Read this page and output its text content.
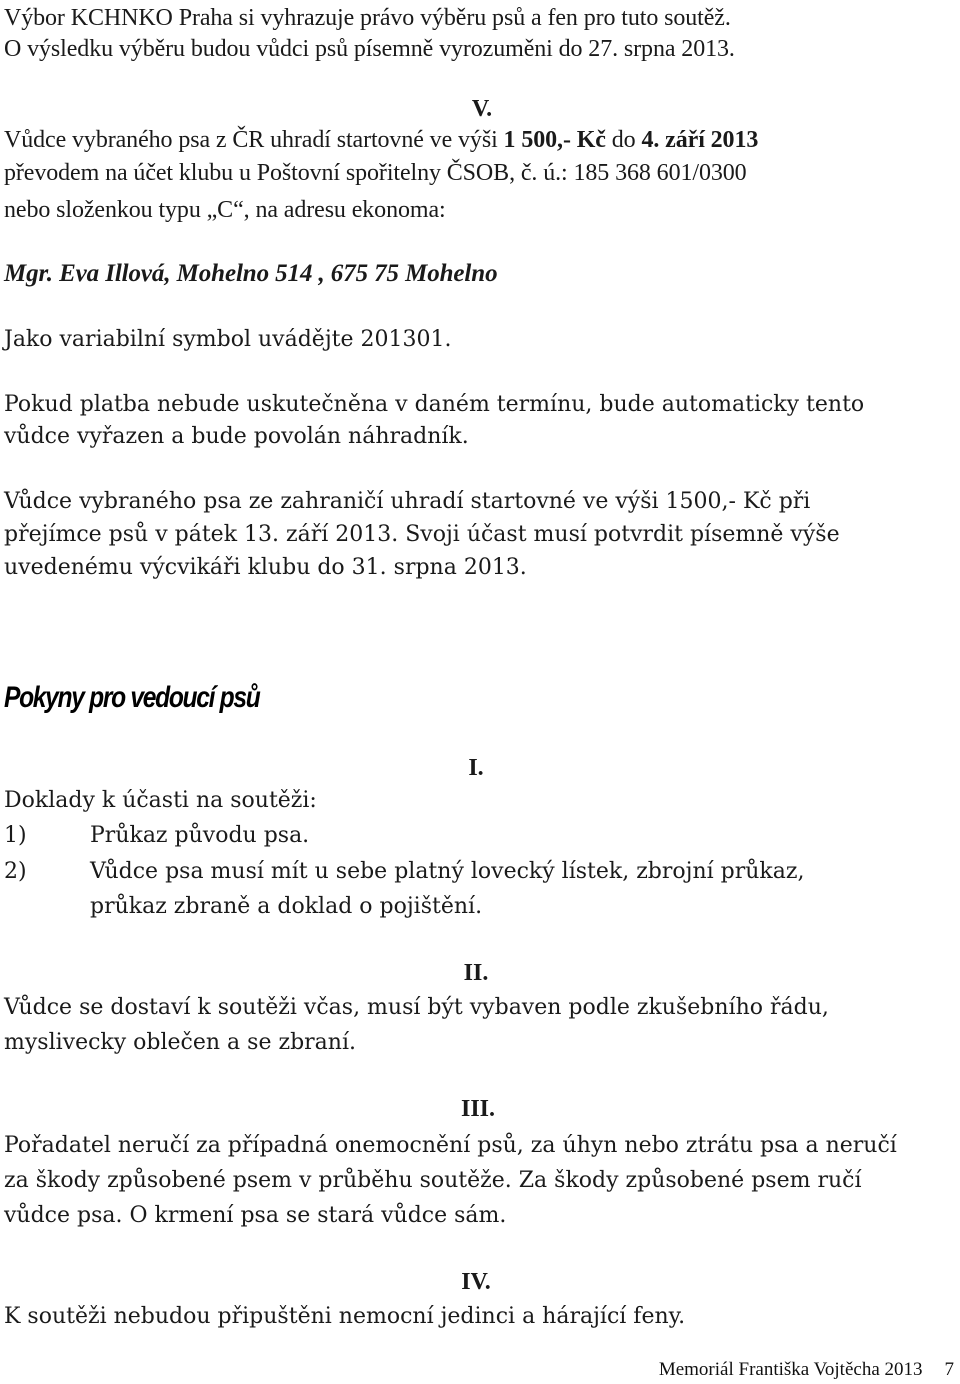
Výbor KCHNKO Praha si vyhrazuje právo výběru psů a fen pro tuto soutěž.

O výsledku výběru budou vůdci psů písemně vyrozuměni do 27. srpna 2013.

V.

Vůdce vybraného psa z ČR uhradí startovné ve výši 1 500,- Kč do 4. září 2013

převodem na účet klubu u Poštovní spořitelny ČSOB, č. ú.: 185 368 601/0300

nebo složenkou typu „C“, na adresu ekonoma:

Mgr. Eva Illová, Mohelno 514 , 675 75 Mohelno

Jako variabilní symbol uvádějte 201301.

Pokud platba nebude uskutečněna v daném termínu, bude automaticky tento

vůdce vyřazen a bude povolán náhradník.

Vůdce vybraného psa ze zahraničí uhradí startovné ve výši 1500,- Kč při

přejímce psů v pátek 13. září 2013. Svoji účast musí potvrdit písemně výše

uvedenému výcvikáři klubu do 31. srpna 2013.

Pokyny pro vedoucí psů

I.

Doklady k účasti na soutěži:

1)	Průkaz původu psa.

2)	Vůdce psa musí mít u sebe platný lovecký lístek, zbrojní průkaz,

průkaz zbraně a doklad o pojištění.

II.

Vůdce se dostaví k soutěži včas, musí být vybaven podle zkušebního řádu,

myslivecky oblečen a se zbraní.

III.

Pořadatel neručí za případná onemocnění psů, za úhyn nebo ztrátu psa a neručí

za škody způsobené psem v průběhu soutěže. Za škody způsobené psem ručí

vůdce psa. O krmení psa se stará vůdce sám.

IV.

K soutěži nebudou připuštěni nemocní jedinci a hárající feny.

Memoriál Františka Vojtěcha 2013 7
